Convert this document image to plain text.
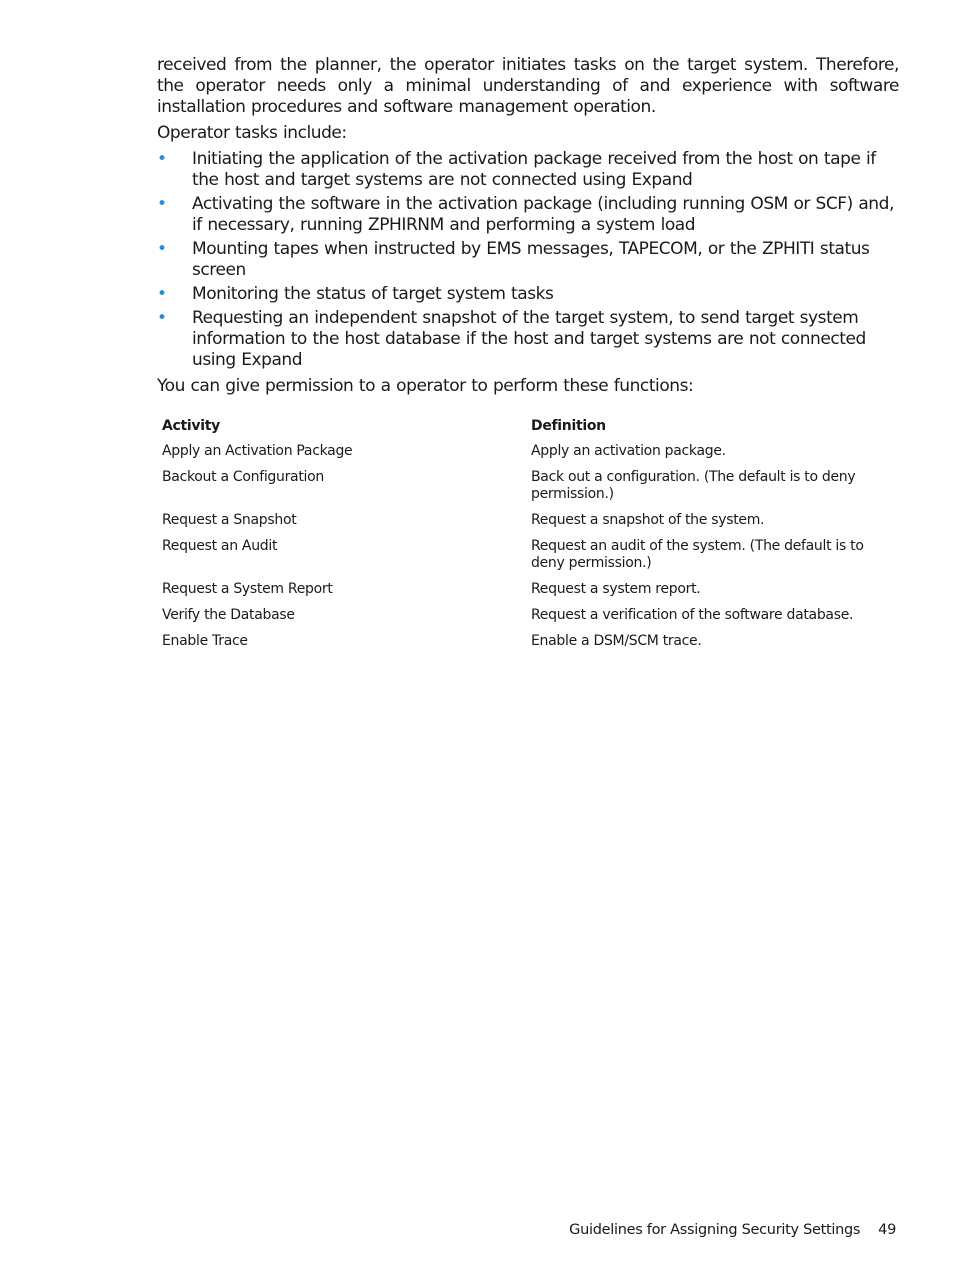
received from the planner, the operator initiates tasks on the target system. Therefore, the operator needs only a minimal understanding of and experience with software installation procedures and software management operation.

Operator tasks include:

• Initiating the application of the activation package received from the host on tape if the host and target systems are not connected using Expand
• Activating the software in the activation package (including running OSM or SCF) and, if necessary, running ZPHIRNM and performing a system load
• Mounting tapes when instructed by EMS messages, TAPECOM, or the ZPHITI status screen
• Monitoring the status of target system tasks
• Requesting an independent snapshot of the target system, to send target system information to the host database if the host and target systems are not connected using Expand

You can give permission to a operator to perform these functions:

Activity	Definition
Apply an Activation Package	Apply an activation package.
Backout a Configuration	Back out a configuration. (The default is to deny permission.)
Request a Snapshot	Request a snapshot of the system.
Request an Audit	Request an audit of the system. (The default is to deny permission.)
Request a System Report	Request a system report.
Verify the Database	Request a verification of the software database.
Enable Trace	Enable a DSM/SCM trace.
Guidelines for Assigning Security Settings 49
